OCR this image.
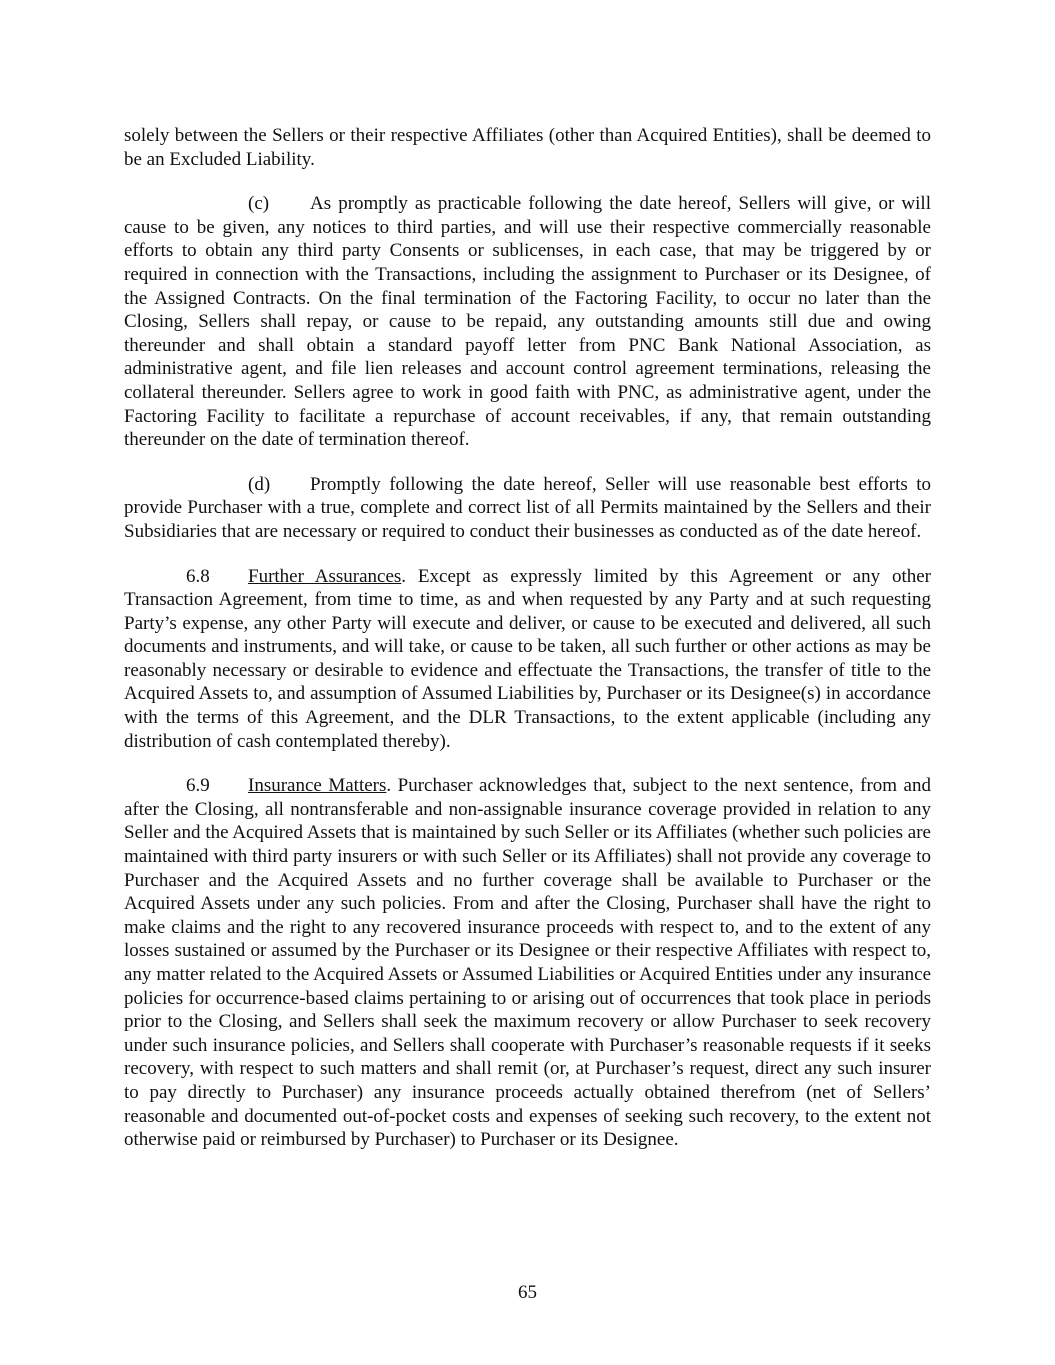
solely between the Sellers or their respective Affiliates (other than Acquired Entities), shall be deemed to be an Excluded Liability.

(c) As promptly as practicable following the date hereof, Sellers will give, or will cause to be given, any notices to third parties, and will use their respective commercially reasonable efforts to obtain any third party Consents or sublicenses, in each case, that may be triggered by or required in connection with the Transactions, including the assignment to Purchaser or its Designee, of the Assigned Contracts. On the final termination of the Factoring Facility, to occur no later than the Closing, Sellers shall repay, or cause to be repaid, any outstanding amounts still due and owing thereunder and shall obtain a standard payoff letter from PNC Bank National Association, as administrative agent, and file lien releases and account control agreement terminations, releasing the collateral thereunder. Sellers agree to work in good faith with PNC, as administrative agent, under the Factoring Facility to facilitate a repurchase of account receivables, if any, that remain outstanding thereunder on the date of termination thereof.

(d) Promptly following the date hereof, Seller will use reasonable best efforts to provide Purchaser with a true, complete and correct list of all Permits maintained by the Sellers and their Subsidiaries that are necessary or required to conduct their businesses as conducted as of the date hereof.

6.8 Further Assurances. Except as expressly limited by this Agreement or any other Transaction Agreement, from time to time, as and when requested by any Party and at such requesting Party’s expense, any other Party will execute and deliver, or cause to be executed and delivered, all such documents and instruments, and will take, or cause to be taken, all such further or other actions as may be reasonably necessary or desirable to evidence and effectuate the Transactions, the transfer of title to the Acquired Assets to, and assumption of Assumed Liabilities by, Purchaser or its Designee(s) in accordance with the terms of this Agreement, and the DLR Transactions, to the extent applicable (including any distribution of cash contemplated thereby).

6.9 Insurance Matters. Purchaser acknowledges that, subject to the next sentence, from and after the Closing, all nontransferable and non-assignable insurance coverage provided in relation to any Seller and the Acquired Assets that is maintained by such Seller or its Affiliates (whether such policies are maintained with third party insurers or with such Seller or its Affiliates) shall not provide any coverage to Purchaser and the Acquired Assets and no further coverage shall be available to Purchaser or the Acquired Assets under any such policies. From and after the Closing, Purchaser shall have the right to make claims and the right to any recovered insurance proceeds with respect to, and to the extent of any losses sustained or assumed by the Purchaser or its Designee or their respective Affiliates with respect to, any matter related to the Acquired Assets or Assumed Liabilities or Acquired Entities under any insurance policies for occurrence-based claims pertaining to or arising out of occurrences that took place in periods prior to the Closing, and Sellers shall seek the maximum recovery or allow Purchaser to seek recovery under such insurance policies, and Sellers shall cooperate with Purchaser’s reasonable requests if it seeks recovery, with respect to such matters and shall remit (or, at Purchaser’s request, direct any such insurer to pay directly to Purchaser) any insurance proceeds actually obtained therefrom (net of Sellers’ reasonable and documented out-of-pocket costs and expenses of seeking such recovery, to the extent not otherwise paid or reimbursed by Purchaser) to Purchaser or its Designee.

65
